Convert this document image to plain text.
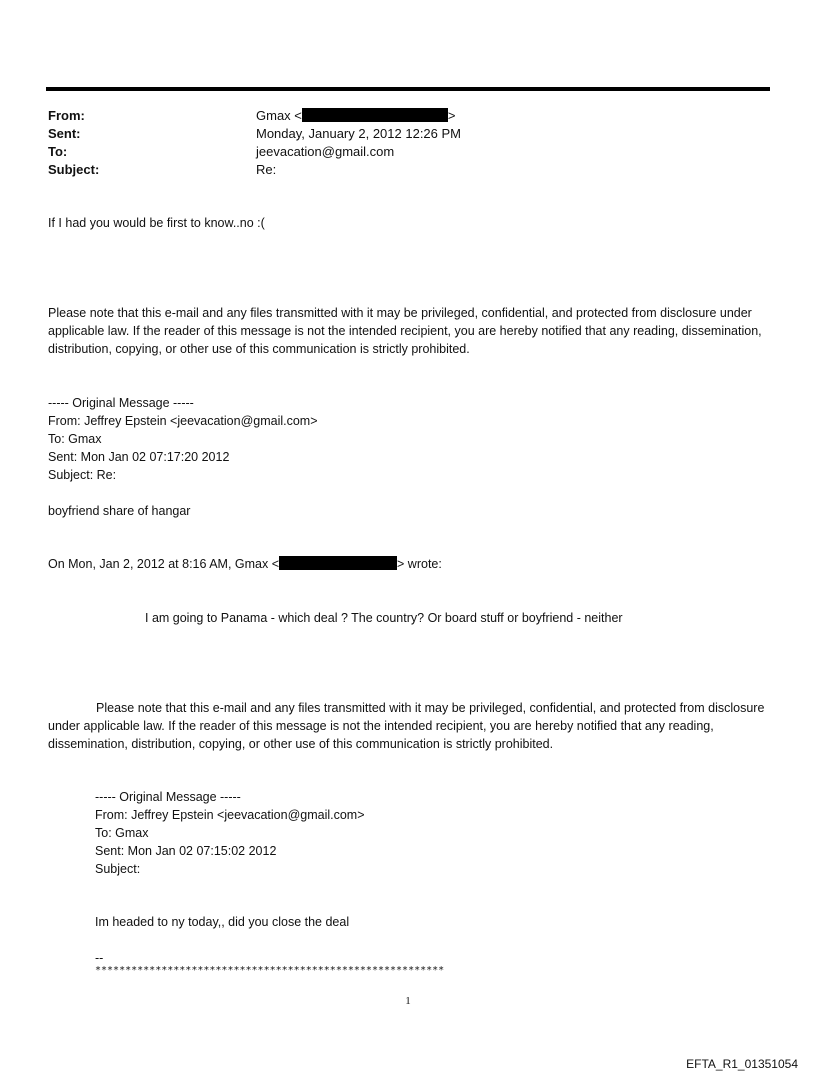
From:	Gmax <	>
Sent:	Monday, January 2, 2012 12:26 PM
To:	jeevacation@gmail.com
Subject:	Re:
If I had you would be first to know..no :(
Please note that this e-mail and any files transmitted with it may be privileged, confidential, and protected from disclosure under applicable law. If the reader of this message is not the intended recipient, you are hereby notified that any reading, dissemination, distribution, copying, or other use of this communication is strictly prohibited.
----- Original Message -----
From: Jeffrey Epstein <jeevacation@gmail.com>
To: Gmax
Sent: Mon Jan 02 07:17:20 2012
Subject: Re:
boyfriend share of hangar
On Mon, Jan 2, 2012 at 8:16 AM, Gmax <	> wrote:
I am going to Panama - which deal ? The country? Or board stuff or boyfriend - neither
Please note that this e-mail and any files transmitted with it may be privileged, confidential, and protected from disclosure under applicable law. If the reader of this message is not the intended recipient, you are hereby notified that any reading, dissemination, distribution, copying, or other use of this communication is strictly prohibited.
----- Original Message -----
From: Jeffrey Epstein <jeevacation@gmail.com>
To: Gmax
Sent: Mon Jan 02 07:15:02 2012
Subject:
Im headed to ny today,, did you close the deal
--
**********************************************************
1
EFTA_R1_01351054
